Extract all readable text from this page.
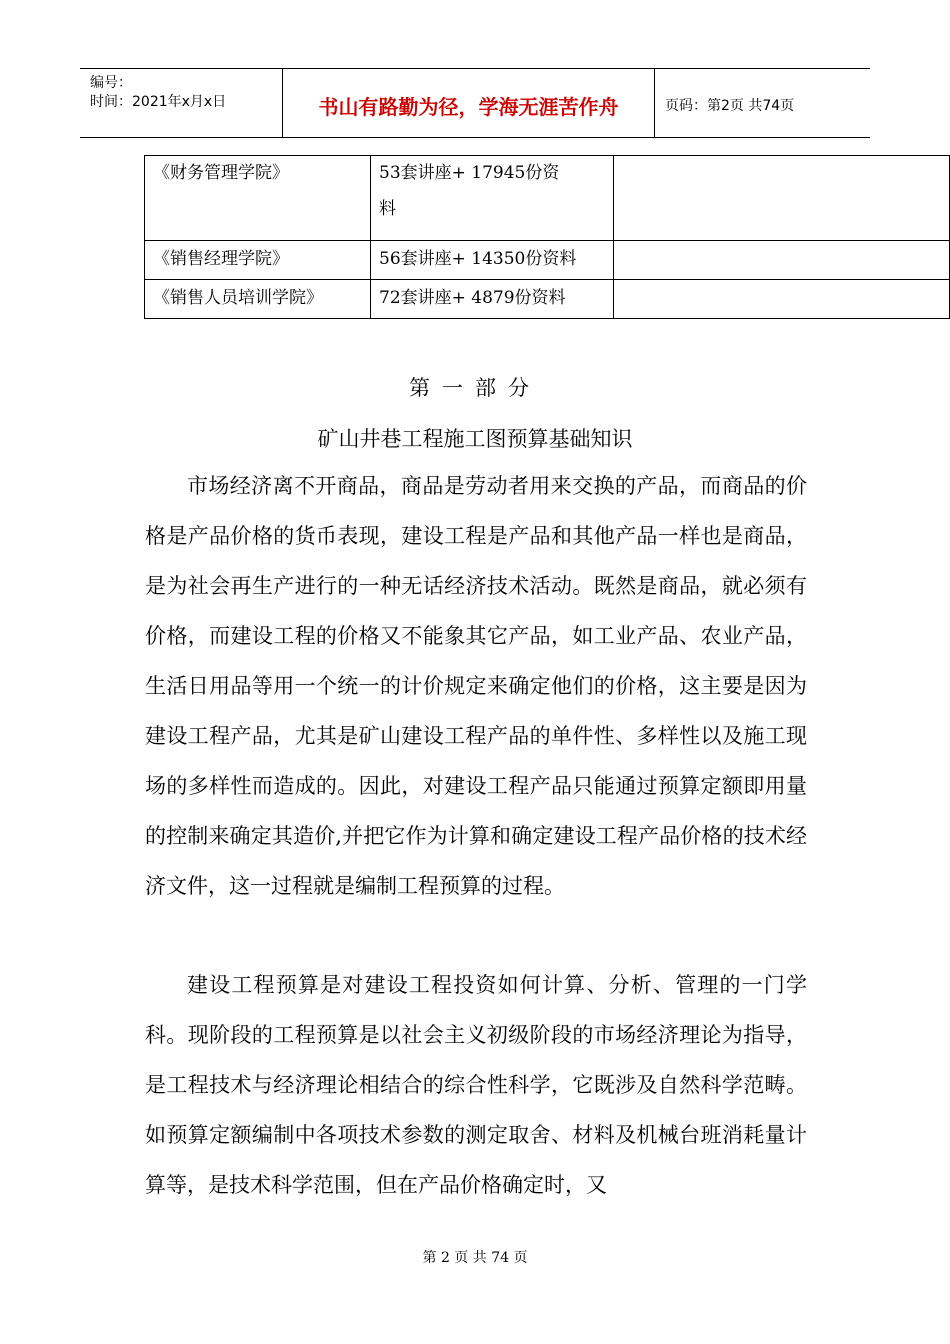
编号：
时间：2021年x月x日	书山有路勤为径，学海无涯苦作舟	页码：第2页 共74页
《财务管理学院》	53套讲座+ 17945份资
料	
《销售经理学院》	56套讲座+ 14350份资料	
《销售人员培训学院》	72套讲座+ 4879份资料	
第一部分
矿山井巷工程施工图预算基础知识

市场经济离不开商品，商品是劳动者用来交换的产品，而商品的价格是产品价格的货币表现，建设工程是产品和其他产品一样也是商品，是为社会再生产进行的一种无话经济技术活动。既然是商品，就必须有价格，而建设工程的价格又不能象其它产品，如工业产品、农业产品，生活日用品等用一个统一的计价规定来确定他们的价格，这主要是因为建设工程产品，尤其是矿山建设工程产品的单件性、多样性以及施工现场的多样性而造成的。因此，对建设工程产品只能通过预算定额即用量的控制来确定其造价,并把它作为计算和确定建设工程产品价格的技术经济文件，这一过程就是编制工程预算的过程。

建设工程预算是对建设工程投资如何计算、分析、管理的一门学科。现阶段的工程预算是以社会主义初级阶段的市场经济理论为指导，是工程技术与经济理论相结合的综合性科学，它既涉及自然科学范畴。如预算定额编制中各项技术参数的测定取舍、材料及机械台班消耗量计算等，是技术科学范围，但在产品价格确定时，又

第 2 页 共 74 页
